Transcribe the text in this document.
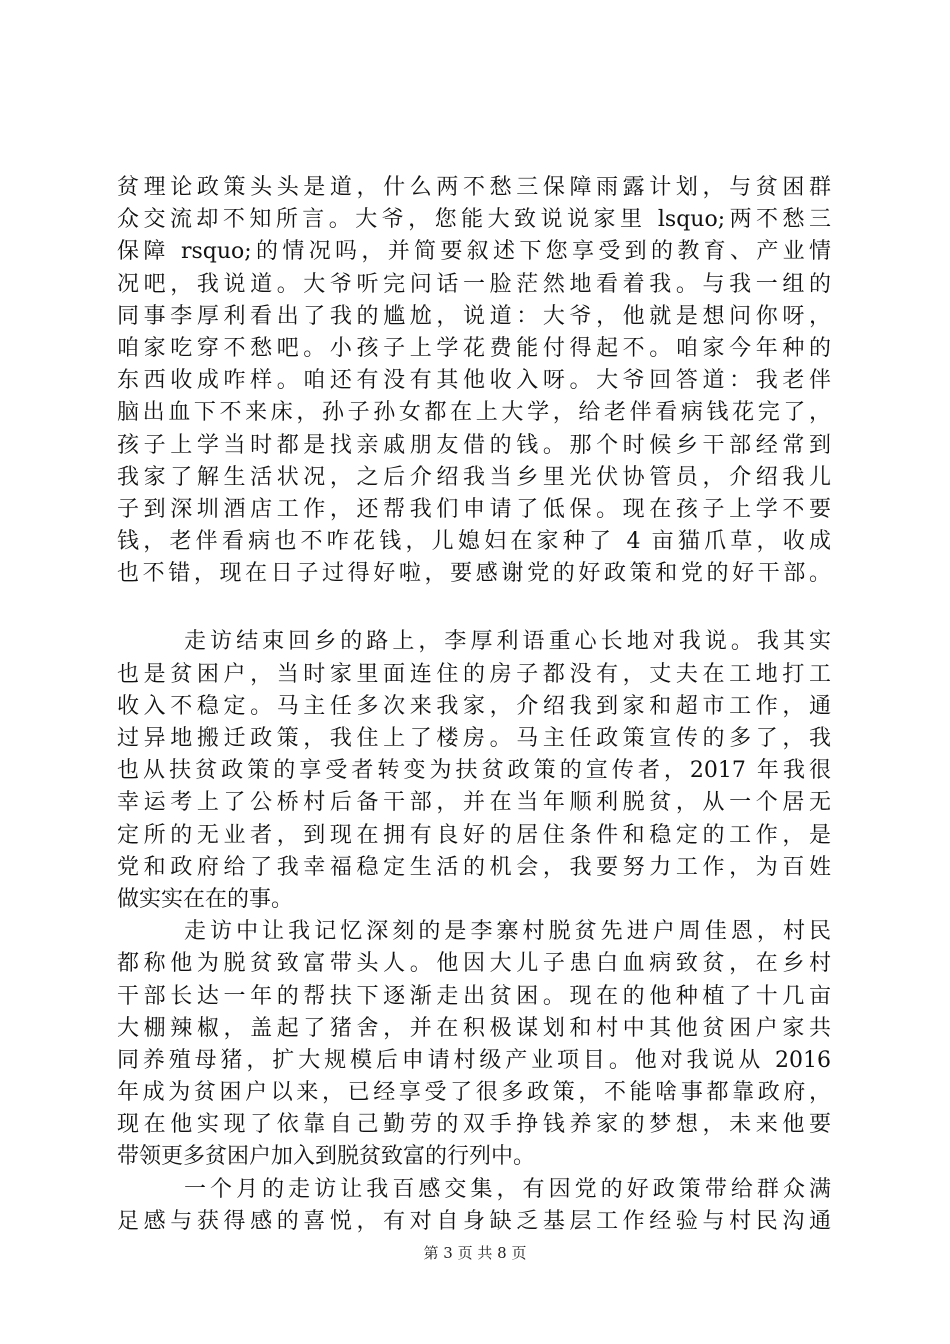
贫理论政策头头是道，什么两不愁三保障雨露计划，与贫困群
众交流却不知所言。大爷，您能大致说说家里 lsquo;两不愁三
保障 rsquo;的情况吗，并简要叙述下您享受到的教育、产业情
况吧，我说道。大爷听完问话一脸茫然地看着我。与我一组的
同事李厚利看出了我的尴尬，说道：大爷，他就是想问你呀，
咱家吃穿不愁吧。小孩子上学花费能付得起不。咱家今年种的
东西收成咋样。咱还有没有其他收入呀。大爷回答道：我老伴
脑出血下不来床，孙子孙女都在上大学，给老伴看病钱花完了，
孩子上学当时都是找亲戚朋友借的钱。那个时候乡干部经常到
我家了解生活状况，之后介绍我当乡里光伏协管员，介绍我儿
子到深圳酒店工作，还帮我们申请了低保。现在孩子上学不要
钱，老伴看病也不咋花钱，儿媳妇在家种了 4 亩猫爪草，收成
也不错，现在日子过得好啦，要感谢党的好政策和党的好干部。
走访结束回乡的路上，李厚利语重心长地对我说。我其实
也是贫困户，当时家里面连住的房子都没有，丈夫在工地打工
收入不稳定。马主任多次来我家，介绍我到家和超市工作，通
过异地搬迁政策，我住上了楼房。马主任政策宣传的多了，我
也从扶贫政策的享受者转变为扶贫政策的宣传者，2017 年我很
幸运考上了公桥村后备干部，并在当年顺利脱贫，从一个居无
定所的无业者，到现在拥有良好的居住条件和稳定的工作，是
党和政府给了我幸福稳定生活的机会，我要努力工作，为百姓
做实实在在的事。
走访中让我记忆深刻的是李寨村脱贫先进户周佳恩，村民
都称他为脱贫致富带头人。他因大儿子患白血病致贫，在乡村
干部长达一年的帮扶下逐渐走出贫困。现在的他种植了十几亩
大棚辣椒，盖起了猪舍，并在积极谋划和村中其他贫困户家共
同养殖母猪，扩大规模后申请村级产业项目。他对我说从 2016
年成为贫困户以来，已经享受了很多政策，不能啥事都靠政府，
现在他实现了依靠自己勤劳的双手挣钱养家的梦想，未来他要
带领更多贫困户加入到脱贫致富的行列中。
一个月的走访让我百感交集，有因党的好政策带给群众满
足感与获得感的喜悦，有对自身缺乏基层工作经验与村民沟通
第 3 页 共 8 页
